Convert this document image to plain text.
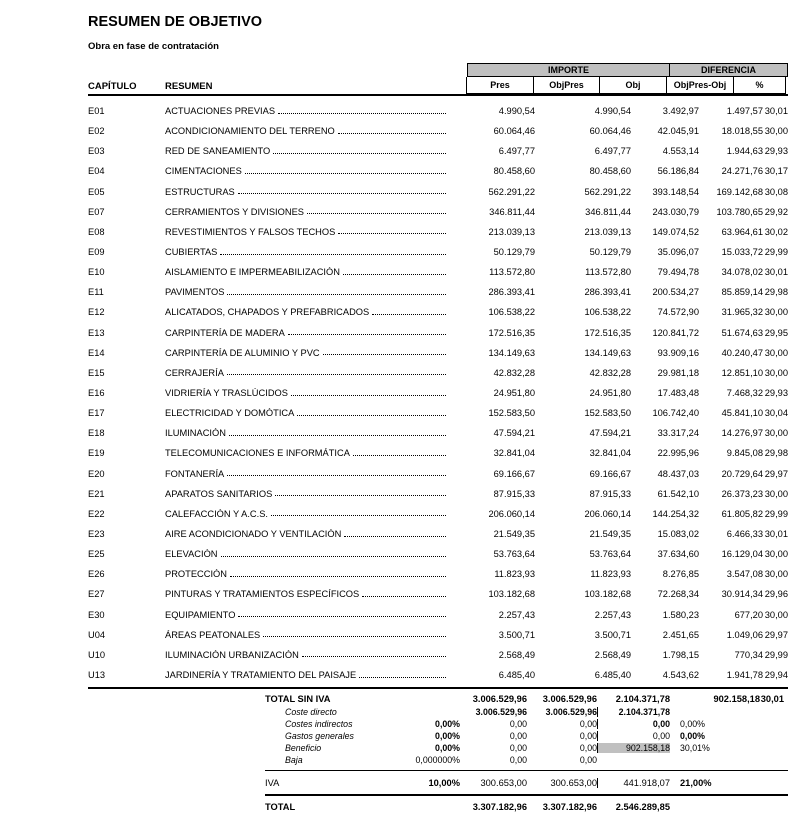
RESUMEN DE OBJETIVO
Obra en fase de contratación
IMPORTE	DIFERENCIA
CAPÍTULO	RESUMEN	Pres	ObjPres	Obj	ObjPres-Obj	%
E01	ACTUACIONES PREVIAS	4.990,54	4.990,54	3.492,97	1.497,57 30,01
E02	ACONDICIONAMIENTO DEL TERRENO	60.064,46	60.064,46	42.045,91	18.018,55 30,00
E03	RED DE SANEAMIENTO	6.497,77	6.497,77	4.553,14	1.944,63 29,93
E04	CIMENTACIONES	80.458,60	80.458,60	56.186,84	24.271,76 30,17
E05	ESTRUCTURAS	562.291,22	562.291,22	393.148,54	169.142,68 30,08
E07	CERRAMIENTOS Y DIVISIONES	346.811,44	346.811,44	243.030,79	103.780,65 29,92
E08	REVESTIMIENTOS Y FALSOS TECHOS	213.039,13	213.039,13	149.074,52	63.964,61 30,02
E09	CUBIERTAS	50.129,79	50.129,79	35.096,07	15.033,72 29,99
E10	AISLAMIENTO E IMPERMEABILIZACIÓN	113.572,80	113.572,80	79.494,78	34.078,02 30,01
E11	PAVIMENTOS	286.393,41	286.393,41	200.534,27	85.859,14 29,98
E12	ALICATADOS, CHAPADOS Y PREFABRICADOS	106.538,22	106.538,22	74.572,90	31.965,32 30,00
E13	CARPINTERÍA DE MADERA	172.516,35	172.516,35	120.841,72	51.674,63 29,95
E14	CARPINTERÍA DE ALUMINIO Y PVC	134.149,63	134.149,63	93.909,16	40.240,47 30,00
E15	CERRAJERÍA	42.832,28	42.832,28	29.981,18	12.851,10 30,00
E16	VIDRIERÍA Y TRASLÚCIDOS	24.951,80	24.951,80	17.483,48	7.468,32 29,93
E17	ELECTRICIDAD Y DOMÓTICA	152.583,50	152.583,50	106.742,40	45.841,10 30,04
E18	ILUMINACIÓN	47.594,21	47.594,21	33.317,24	14.276,97 30,00
E19	TELECOMUNICACIONES E INFORMÁTICA	32.841,04	32.841,04	22.995,96	9.845,08 29,98
E20	FONTANERÍA	69.166,67	69.166,67	48.437,03	20.729,64 29,97
E21	APARATOS SANITARIOS	87.915,33	87.915,33	61.542,10	26.373,23 30,00
E22	CALEFACCIÓN Y A.C.S.	206.060,14	206.060,14	144.254,32	61.805,82 29,99
E23	AIRE ACONDICIONADO Y VENTILACIÓN	21.549,35	21.549,35	15.083,02	6.466,33 30,01
E25	ELEVACIÓN	53.763,64	53.763,64	37.634,60	16.129,04 30,00
E26	PROTECCIÓN	11.823,93	11.823,93	8.276,85	3.547,08 30,00
E27	PINTURAS Y TRATAMIENTOS ESPECÍFICOS	103.182,68	103.182,68	72.268,34	30.914,34 29,96
E30	EQUIPAMIENTO	2.257,43	2.257,43	1.580,23	677,20 30,00
U04	ÁREAS PEATONALES	3.500,71	3.500,71	2.451,65	1.049,06 29,97
U10	ILUMINACIÓN URBANIZACIÓN	2.568,49	2.568,49	1.798,15	770,34 29,99
U13	JARDINERÍA Y TRATAMIENTO DEL PAISAJE	6.485,40	6.485,40	4.543,62	1.941,78 29,94
TOTAL SIN IVA	3.006.529,96	3.006.529,96	2.104.371,78	902.158,18 30,01
Coste directo	3.006.529,96	3.006.529,96	2.104.371,78
Costes indirectos	0,00%	0,00	0,00	0,00	0,00%
Gastos generales	0,00%	0,00	0,00	0,00	0,00%
Beneficio	0,00%	0,00	0,00	902.158,18	30,01%
Baja	0,000000%	0,00	0,00
IVA	10,00%	300.653,00	300.653,00	441.918,07	21,00%
TOTAL	3.307.182,96	3.307.182,96	2.546.289,85
